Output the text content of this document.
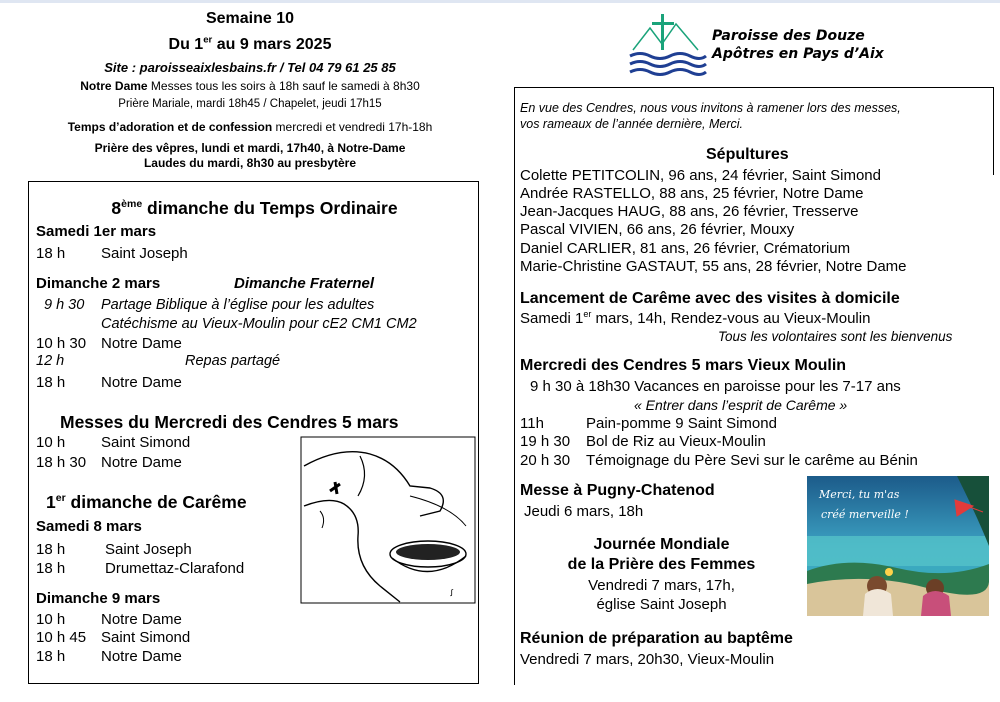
Semaine 10
Du 1er au 9 mars 2025
Site : paroisseaixlesbains.fr / Tel 04 79 61 25 85
Notre Dame Messes tous les soirs à 18h sauf le samedi à 8h30
Prière Mariale, mardi 18h45 / Chapelet, jeudi 17h15
Temps d’adoration et de confession mercredi et vendredi 17h-18h
Prière des vêpres, lundi et mardi, 17h40, à Notre-Dame
Laudes du mardi, 8h30 au presbytère
Paroisse des Douze
Apôtres en Pays d’Aix
8ème dimanche du Temps Ordinaire
Samedi 1er mars
18 h Saint Joseph
Dimanche 2 mars	Dimanche Fraternel
9 h 30 Partage Biblique à l’église pour les adultes
Catéchisme au Vieux-Moulin pour cE2 CM1 CM2
10 h 30 Notre Dame
12 h	Repas partagé
18 h Notre Dame
Messes du Mercredi des Cendres 5 mars
10 h Saint Simond
18 h 30 Notre Dame
1er dimanche de Carême
Samedi 8 mars
18 h	Saint Joseph
18 h	Drumettaz-Clarafond
Dimanche 9 mars
10 h Notre Dame
10 h 45 Saint Simond
18 h Notre Dame
ꭍ
En vue des Cendres, nous vous invitons à ramener lors des messes,
vos rameaux de l’année dernière, Merci.
Sépultures
Colette PETITCOLIN, 96 ans, 24 février, Saint Simond
Andrée RASTELLO, 88 ans, 25 février, Notre Dame
Jean-Jacques HAUG, 88 ans, 26 février, Tresserve
Pascal VIVIEN, 66 ans, 26 février, Mouxy
Daniel CARLIER, 81 ans, 26 février, Crématorium
Marie-Christine GASTAUT, 55 ans, 28 février, Notre Dame
Lancement de Carême avec des visites à domicile
Samedi 1er mars, 14h, Rendez-vous au Vieux-Moulin
Tous les volontaires sont les bienvenus
Mercredi des Cendres 5 mars Vieux Moulin
9 h 30 à 18h30 Vacances en paroisse pour les 7-17 ans
« Entrer dans l’esprit de Carême »
11h	Pain-pomme 9 Saint Simond
19 h 30 Bol de Riz au Vieux-Moulin
20 h 30 Témoignage du Père Sevi sur le carême au Bénin
Messe à Pugny-Chatenod
Jeudi 6 mars, 18h
Journée Mondiale
de la Prière des Femmes
Vendredi 7 mars, 17h,
église Saint Joseph
Merci, tu m'as
créé merveille !
Réunion de préparation au baptême
Vendredi 7 mars, 20h30, Vieux-Moulin
